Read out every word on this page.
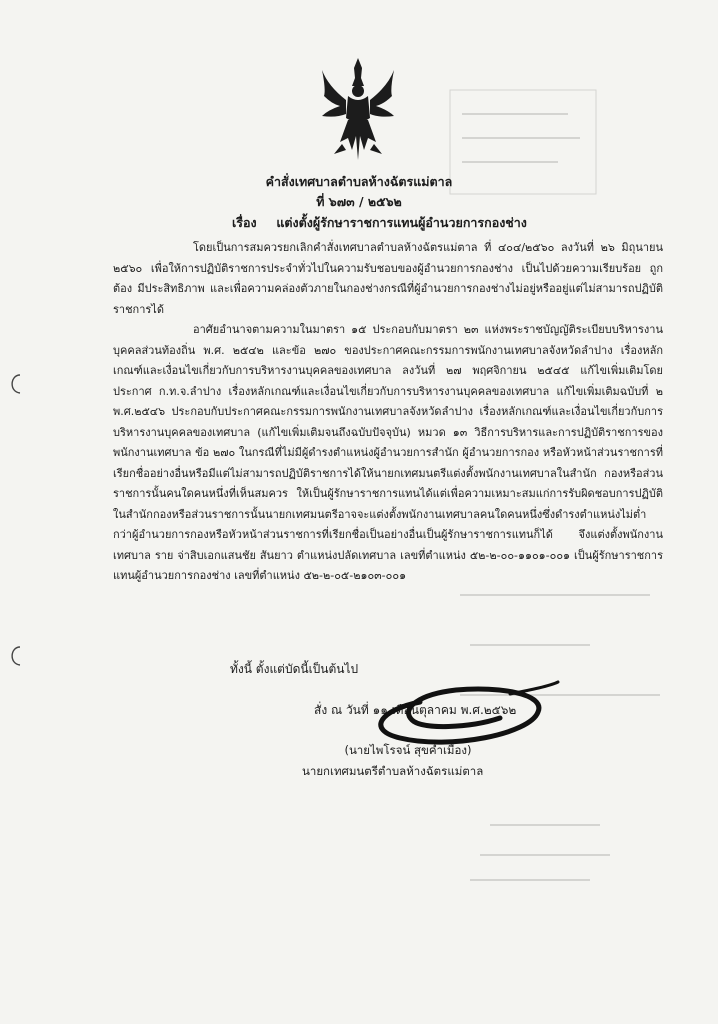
คำสั่งเทศบาลตำบลห้างฉัตรแม่ตาล
ที่ ๖๗๓ / ๒๕๖๒
เรื่อง แต่งตั้งผู้รักษาราชการแทนผู้อำนวยการกองช่าง

โดยเป็นการสมควรยกเลิกคำสั่งเทศบาลตำบลห้างฉัตรแม่ตาล ที่ ๔๐๔/๒๕๖๐ ลงวันที่ ๒๖ มิถุนายน ๒๕๖๐ เพื่อให้การปฏิบัติราชการประจำทั่วไปในความรับชอบของผู้อำนวยการกองช่าง เป็นไปด้วยความเรียบร้อย ถูกต้อง มีประสิทธิภาพ และเพื่อความคล่องตัวภายในกองช่างกรณีที่ผู้อำนวยการกองช่างไม่อยู่หรืออยู่แต่ไม่สามารถปฏิบัติราชการได้

อาศัยอำนาจตามความในมาตรา ๑๕ ประกอบกับมาตรา ๒๓ แห่งพระราชบัญญัติระเบียบบริหารงานบุคคลส่วนท้องถิ่น พ.ศ. ๒๕๔๒ และข้อ ๒๗๐ ของประกาศคณะกรรมการพนักงานเทศบาลจังหวัดลำปาง เรื่องหลักเกณฑ์และเงื่อนไขเกี่ยวกับการบริหารงานบุคคลของเทศบาล ลงวันที่ ๒๗ พฤศจิกายน ๒๕๔๕ แก้ไขเพิ่มเติมโดยประกาศ ก.ท.จ.ลำปาง เรื่องหลักเกณฑ์และเงื่อนไขเกี่ยวกับการบริหารงานบุคคลของเทศบาล แก้ไขเพิ่มเติมฉบับที่ ๒ พ.ศ.๒๕๔๖ ประกอบกับประกาศคณะกรรมการพนักงานเทศบาลจังหวัดลำปาง เรื่องหลักเกณฑ์และเงื่อนไขเกี่ยวกับการบริหารงานบุคคลของเทศบาล (แก้ไขเพิ่มเติมจนถึงฉบับปัจจุบัน) หมวด ๑๓ วิธีการบริหารและการปฏิบัติราชการของพนักงานเทศบาล ข้อ ๒๗๐ ในกรณีที่ไม่มีผู้ดำรงตำแหน่งผู้อำนวยการสำนัก ผู้อำนวยการกอง หรือหัวหน้าส่วนราชการที่เรียกชื่ออย่างอื่นหรือมีแต่ไม่สามารถปฏิบัติราชการได้ให้นายกเทศมนตรีแต่งตั้งพนักงานเทศบาลในสำนัก กองหรือส่วนราชการนั้นคนใดคนหนึ่งที่เห็นสมควร ให้เป็นผู้รักษาราชการแทนได้แต่เพื่อความเหมาะสมแก่การรับผิดชอบการปฏิบัติในสำนักกองหรือส่วนราชการนั้นนายกเทศมนตรีอาจจะแต่งตั้งพนักงานเทศบาลคนใดคนหนึ่งซึ่งดำรงตำแหน่งไม่ต่ำกว่าผู้อำนวยการกองหรือหัวหน้าส่วนราชการที่เรียกชื่อเป็นอย่างอื่นเป็นผู้รักษาราชการแทนก็ได้ จึงแต่งตั้งพนักงานเทศบาล ราย จ่าสิบเอกแสนชัย สันยาว ตำแหน่งปลัดเทศบาล เลขที่ตำแหน่ง ๕๒-๒-๐๐-๑๑๐๑-๐๐๑ เป็นผู้รักษาราชการแทนผู้อำนวยการกองช่าง เลขที่ตำแหน่ง ๕๒-๒-๐๕-๒๑๐๓-๐๐๑

ทั้งนี้ ตั้งแต่บัดนี้เป็นต้นไป
สั่ง ณ วันที่ ๑๑ เดือนตุลาคม พ.ศ.๒๕๖๒
(นายไพโรจน์ สุขคำเมือง)
นายกเทศมนตรีตำบลห้างฉัตรแม่ตาล
